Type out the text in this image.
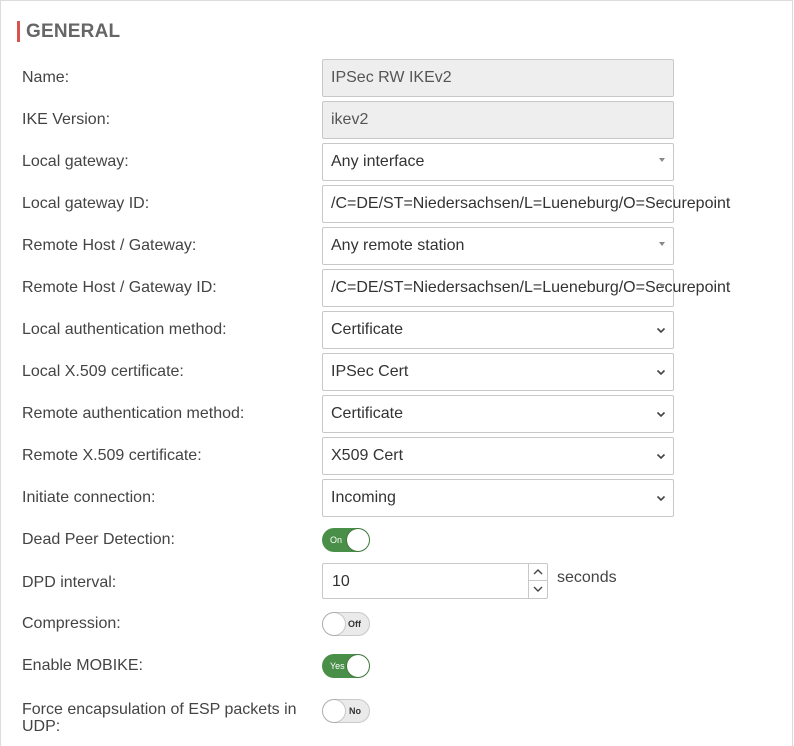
GENERAL
Name:	IPSec RW IKEv2
IKE Version:	ikev2
Local gateway:	Any interface
Local gateway ID:	/C=DE/ST=Niedersachsen/L=Lueneburg/O=Securepoint
Remote Host / Gateway:	Any remote station
Remote Host / Gateway ID:	/C=DE/ST=Niedersachsen/L=Lueneburg/O=Securepoint
Local authentication method:	Certificate
Local X.509 certificate:	IPSec Cert
Remote authentication method:	Certificate
Remote X.509 certificate:	X509 Cert
Initiate connection:	Incoming
Dead Peer Detection:	On
DPD interval:	10	seconds
Compression:	Off
Enable MOBIKE:	Yes
Force encapsulation of ESP packets in UDP:
No
